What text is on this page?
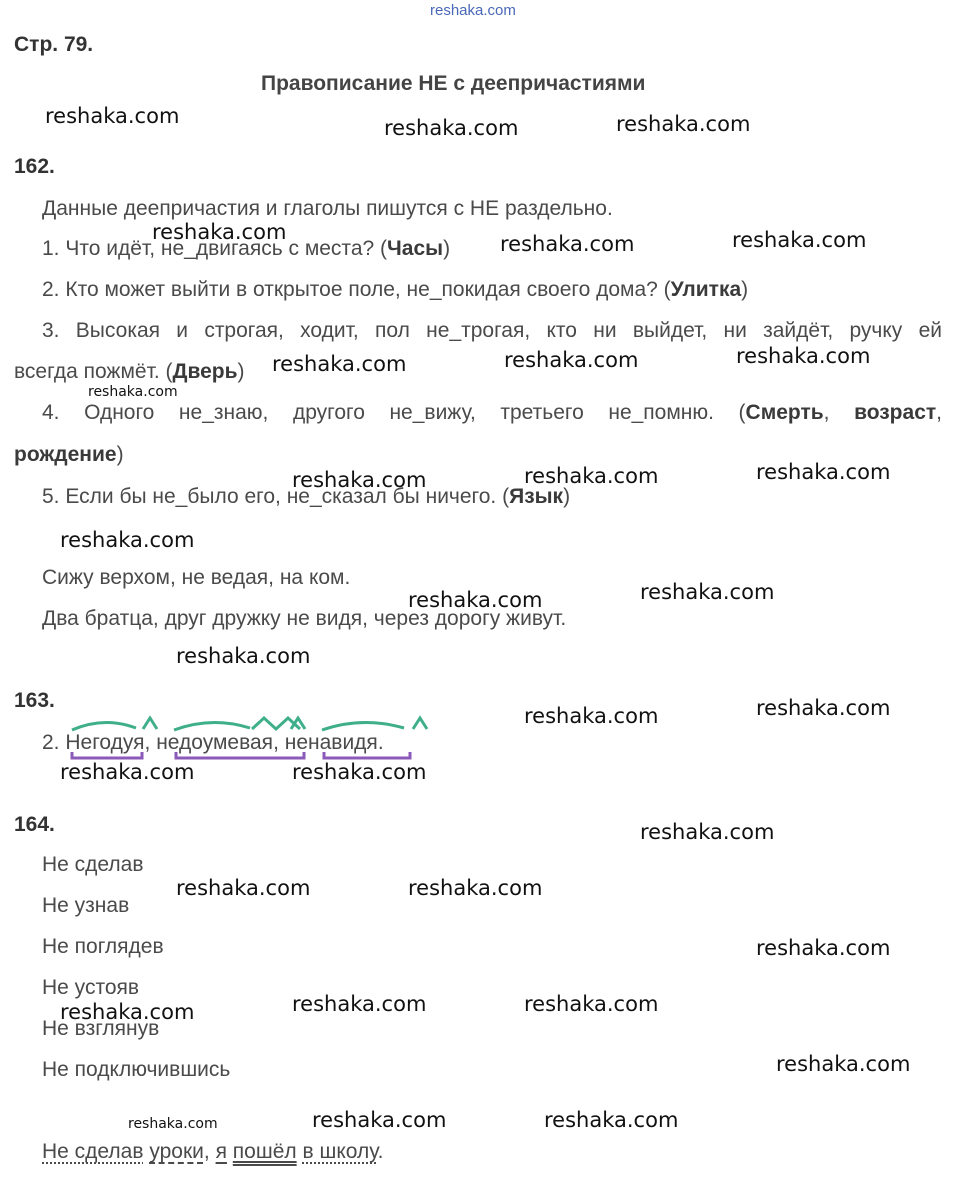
reshaka.com
Стр. 79.
Правописание НЕ с деепричастиями
162.
Данные деепричастия и глаголы пишутся с НЕ раздельно.
1. Что идёт, не_двигаясь с места? (Часы)
2. Кто может выйти в открытое поле, не_покидая своего дома? (Улитка)
3. Высокая и строгая, ходит, пол не_трогая, кто ни выйдет, ни зайдёт, ручку ей
всегда пожмёт. (Дверь)
4. Одного не_знаю, другого не_вижу, третьего не_помню. (Смерть, возраст,
рождение)
5. Если бы не_было его, не_сказал бы ничего. (Язык)
Сижу верхом, не ведая, на ком.
Два братца, друг дружку не видя, через дорогу живут.
163.
2. Негодуя, недоумевая, ненавидя.
164.
Не сделав
Не узнав
Не поглядев
Не устояв
Не взглянув
Не подключившись
Не сделав уроки, я пошёл в школу.
reshaka.com	reshaka.com	reshaka.com
reshaka.com	reshaka.com	reshaka.com
reshaka.com	reshaka.com	reshaka.com
reshaka.com
reshaka.com	reshaka.com	reshaka.com
reshaka.com
reshaka.com	reshaka.com
reshaka.com
reshaka.com	reshaka.com
reshaka.com	reshaka.com
reshaka.com
reshaka.com	reshaka.com
reshaka.com
reshaka.com	reshaka.com
reshaka.com
reshaka.com
reshaka.com	reshaka.com	reshaka.com
